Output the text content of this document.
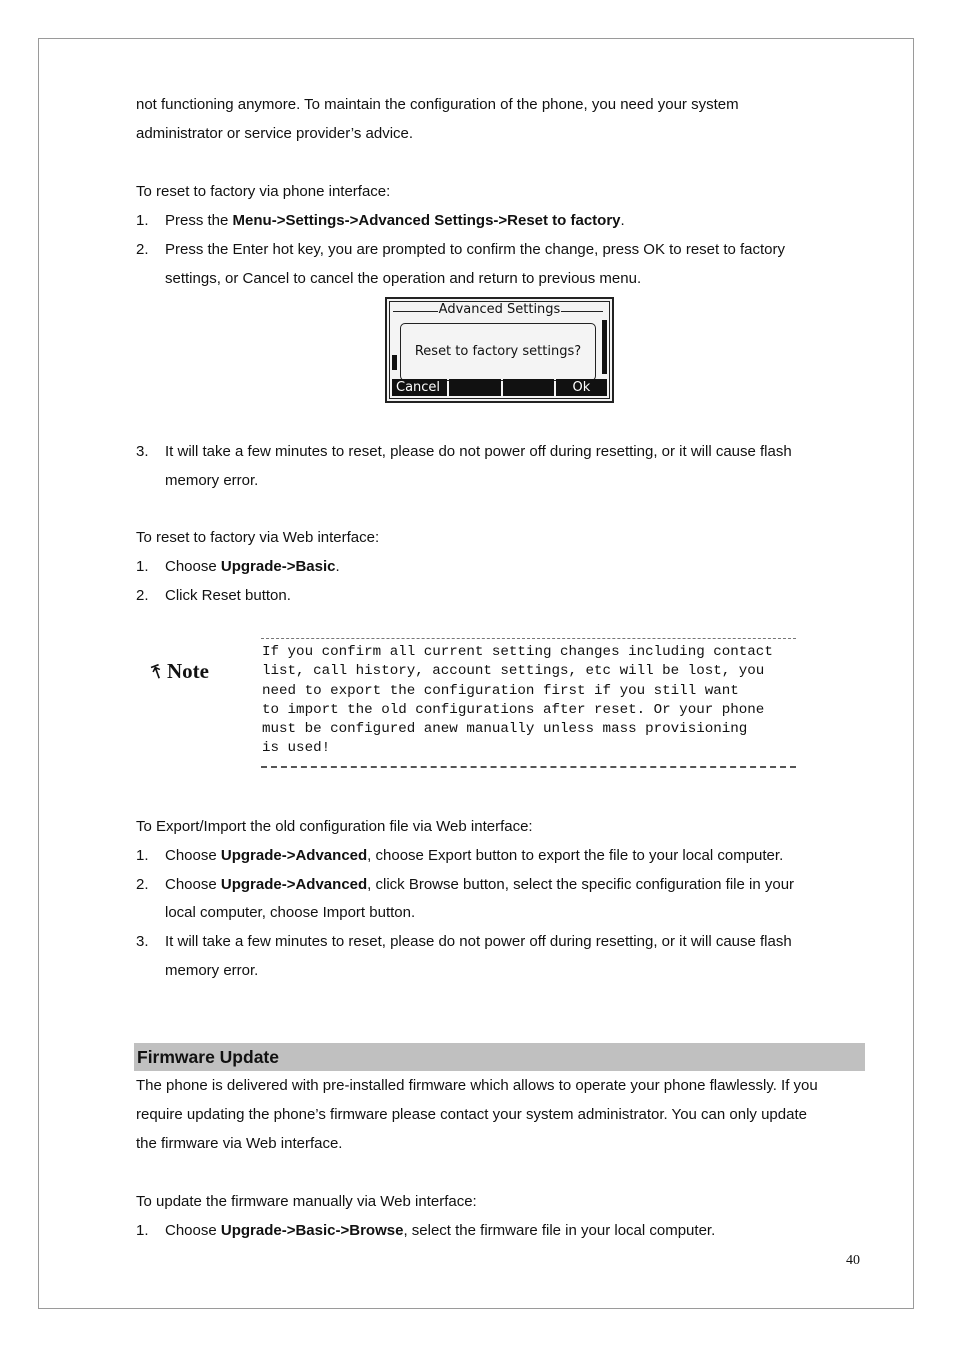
not functioning anymore. To maintain the configuration of the phone, you need your system
administrator or service provider’s advice.
To reset to factory via phone interface:
1. Press the Menu->Settings->Advanced Settings->Reset to factory.
2. Press the Enter hot key, you are prompted to confirm the change, press OK to reset to factory
settings, or Cancel to cancel the operation and return to previous menu.
Advanced Settings
Reset to factory settings?
Cancel	Ok
3. It will take a few minutes to reset, please do not power off during resetting, or it will cause flash
memory error.
To reset to factory via Web interface:
1. Choose Upgrade->Basic.
2. Click Reset button.
⤒ Note
If you confirm all current setting changes including contact
list, call history, account settings, etc will be lost, you
need to export the configuration first if you still want
to import the old configurations after reset. Or your phone
must be configured anew manually unless mass provisioning
is used!
To Export/Import the old configuration file via Web interface:
1. Choose Upgrade->Advanced, choose Export button to export the file to your local computer.
2. Choose Upgrade->Advanced, click Browse button, select the specific configuration file in your
local computer, choose Import button.
3. It will take a few minutes to reset, please do not power off during resetting, or it will cause flash
memory error.
Firmware Update
The phone is delivered with pre-installed firmware which allows to operate your phone flawlessly. If you
require updating the phone’s firmware please contact your system administrator. You can only update
the firmware via Web interface.
To update the firmware manually via Web interface:
1. Choose Upgrade->Basic->Browse, select the firmware file in your local computer.
40
